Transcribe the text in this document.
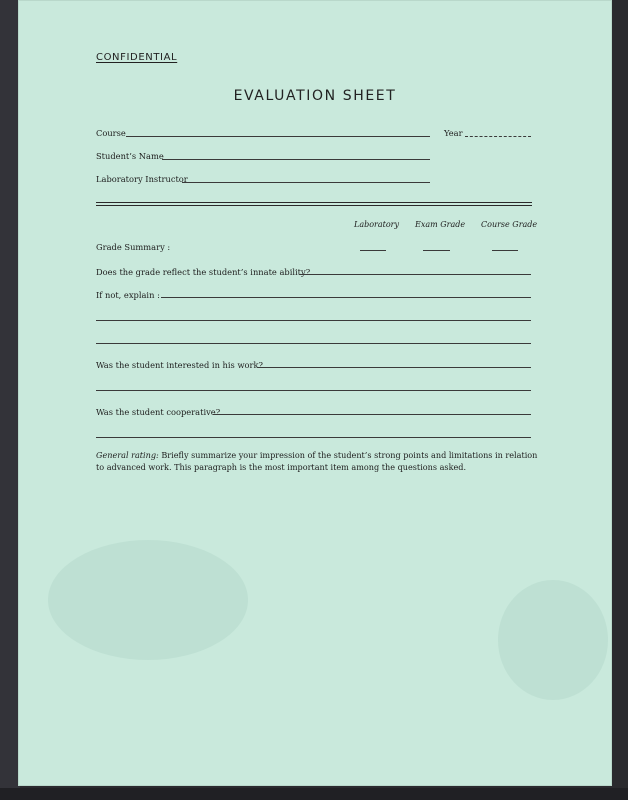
CONFIDENTIAL
EVALUATION SHEET
Course	Year
Student’s Name
Laboratory Instructor
Laboratory Exam Grade Course Grade
Grade Summary :
Does the grade reflect the student’s innate ability?
If not, explain :
Was the student interested in his work?
Was the student cooperative?
General rating: Briefly summarize your impression of the student’s strong points and limitations in relation to advanced work. This paragraph is the most important item among the questions asked.
